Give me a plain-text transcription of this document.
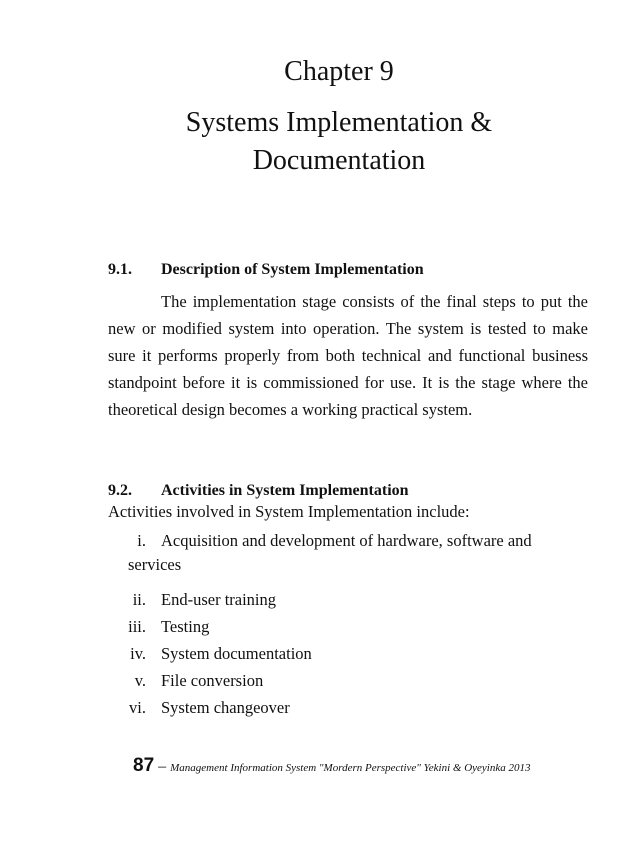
Chapter 9
Systems Implementation &
Documentation
9.1. Description of System Implementation
The implementation stage consists of the final steps to put the new or modified system into operation. The system is tested to make sure it performs properly from both technical and functional business standpoint before it is commissioned for use. It is the stage where the theoretical design becomes a working practical system.
9.2. Activities in System Implementation
Activities involved in System Implementation include:
i. Acquisition and development of hardware, software and
services
ii. End-user training
iii. Testing
iv. System documentation
v. File conversion
vi. System changeover
87 – Management Information System "Mordern Perspective" Yekini & Oyeyinka 2013
